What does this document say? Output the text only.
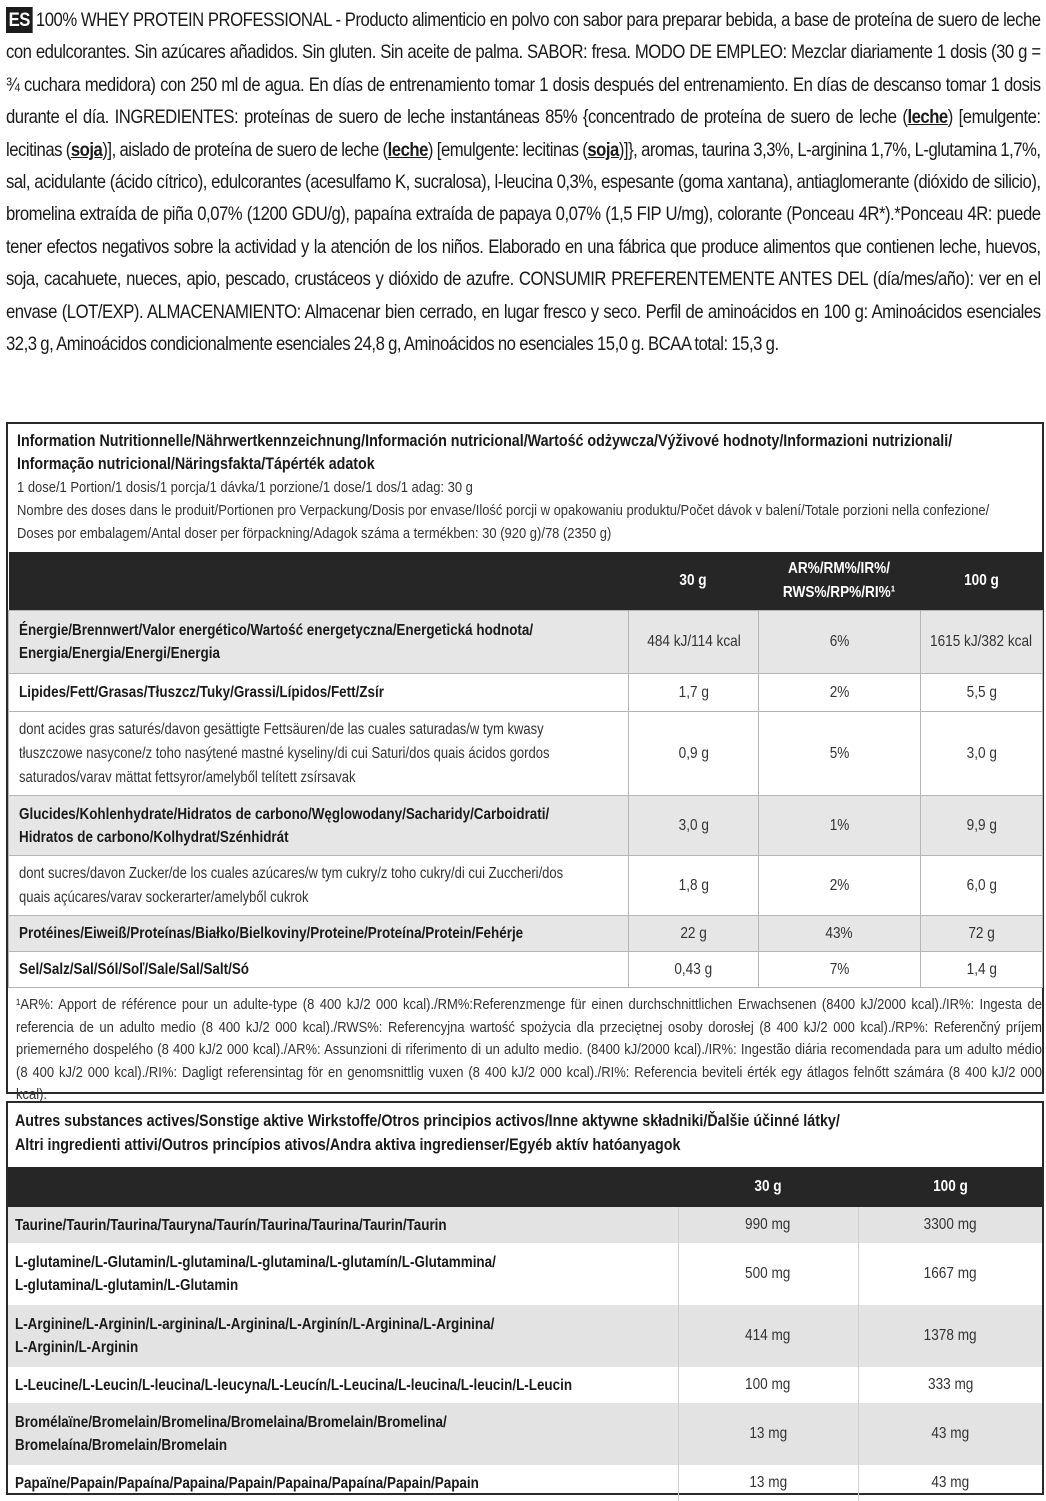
ES 100% WHEY PROTEIN PROFESSIONAL - Producto alimenticio en polvo con sabor para preparar bebida, a base de proteína de suero de leche con edulcorantes. Sin azúcares añadidos. Sin gluten. Sin aceite de palma. SABOR: fresa. MODO DE EMPLEO: Mezclar diariamente 1 dosis (30 g = ¾ cuchara medidora) con 250 ml de agua. En días de entrenamiento tomar 1 dosis después del entrenamiento. En días de descanso tomar 1 dosis durante el día. INGREDIENTES: proteínas de suero de leche instantáneas 85% {concentrado de proteína de suero de leche (leche) [emulgente: lecitinas (soja)], aislado de proteína de suero de leche (leche) [emulgente: lecitinas (soja)]}, aromas, taurina 3,3%, L-arginina 1,7%, L-glutamina 1,7%, sal, acidulante (ácido cítrico), edulcorantes (acesulfamo K, sucralosa), l-leucina 0,3%, espesante (goma xantana), antiaglomerante (dióxido de silicio), bromelina extraída de piña 0,07% (1200 GDU/g), papaína extraída de papaya 0,07% (1,5 FIP U/mg), colorante (Ponceau 4R*).*Ponceau 4R: puede tener efectos negativos sobre la actividad y la atención de los niños. Elaborado en una fábrica que produce alimentos que contienen leche, huevos, soja, cacahuete, nueces, apio, pescado, crustáceos y dióxido de azufre. CONSUMIR PREFERENTEMENTE ANTES DEL (día/mes/año): ver en el envase (LOT/EXP). ALMACENAMIENTO: Almacenar bien cerrado, en lugar fresco y seco. Perfil de aminoácidos en 100 g: Aminoácidos esenciales 32,3 g, Aminoácidos condicionalmente esenciales 24,8 g, Aminoácidos no esenciales 15,0 g. BCAA total: 15,3 g.
Information Nutritionnelle/Nährwertkennzeichnung/Información nutricional/Wartość odżywcza/Výživové hodnoty/Informazioni nutrizionali/
Informação nutricional/Näringsfakta/Tápérték adatok
1 dose/1 Portion/1 dosis/1 porcja/1 dávka/1 porzione/1 dose/1 dos/1 adag: 30 g
Nombre des doses dans le produit/Portionen pro Verpackung/Dosis por envase/Ilość porcji w opakowaniu produktu/Počet dávok v balení/Totale porzioni nella confezione/
Doses por embalagem/Antal doser per förpackning/Adagok száma a termékben: 30 (920 g)/78 (2350 g)
	30 g	AR%/RM%/IR%/
RWS%/RP%/RI%¹	100 g

Énergie/Brennwert/Valor energético/Wartość energetyczna/Energetická hodnota/
Energia/Energia/Energi/Energia	484 kJ/114 kcal	6%	1615 kJ/382 kcal

Lipides/Fett/Grasas/Tłuszcz/Tuky/Grassi/Lípidos/Fett/Zsír	1,7 g	2%	5,5 g

dont acides gras saturés/davon gesättigte Fettsäuren/de las cuales saturadas/w tym kwasy
tłuszczowe nasycone/z toho nasýtené mastné kyseliny/di cui Saturi/dos quais ácidos gordos
saturados/varav mättat fettsyror/amelyből telített zsírsavak	0,9 g	5%	3,0 g

Glucides/Kohlenhydrate/Hidratos de carbono/Węglowodany/Sacharidy/Carboidrati/
Hidratos de carbono/Kolhydrat/Szénhidrát	3,0 g	1%	9,9 g

dont sucres/davon Zucker/de los cuales azúcares/w tym cukry/z toho cukry/di cui Zuccheri/dos
quais açúcares/varav sockerarter/amelyből cukrok	1,8 g	2%	6,0 g

Protéines/Eiweiß/Proteínas/Białko/Bielkoviny/Proteine/Proteína/Protein/Fehérje	22 g	43%	72 g

Sel/Salz/Sal/Sól/Soľ/Sale/Sal/Salt/Só	0,43 g	7%	1,4 g
¹AR%: Apport de référence pour un adulte-type (8 400 kJ/2 000 kcal)./RM%:Referenzmenge für einen durchschnittlichen Erwachsenen (8400 kJ/2000 kcal)./IR%: Ingesta de referencia de un adulto medio (8 400 kJ/2 000 kcal)./RWS%: Referencyjna wartość spożycia dla przeciętnej osoby dorosłej (8 400 kJ/2 000 kcal)./RP%: Referenčný príjem priemerného dospelého (8 400 kJ/2 000 kcal)./AR%: Assunzioni di riferimento di un adulto medio. (8400 kJ/2000 kcal)./IR%: Ingestão diária recomendada para um adulto médio (8 400 kJ/2 000 kcal)./RI%: Dagligt referensintag för en genomsnittlig vuxen (8 400 kJ/2 000 kcal)./RI%: Referencia beviteli érték egy átlagos felnőtt számára (8 400 kJ/2 000 kcal).
Autres substances actives/Sonstige aktive Wirkstoffe/Otros principios activos/Inne aktywne składniki/Ďalšie účinné látky/
Altri ingredienti attivi/Outros princípios ativos/Andra aktiva ingredienser/Egyéb aktív hatóanyagok
	30 g	100 g

Taurine/Taurin/Taurina/Tauryna/Taurín/Taurina/Taurina/Taurin/Taurin	990 mg	3300 mg

L-glutamine/L-Glutamin/L-glutamina/L-glutamina/L-glutamín/L-Glutammina/
L-glutamina/L-glutamin/L-Glutamin	500 mg	1667 mg

L-Arginine/L-Arginin/L-arginina/L-Arginina/L-Arginín/L-Arginina/L-Arginina/
L-Arginin/L-Arginin	414 mg	1378 mg

L-Leucine/L-Leucin/L-leucina/L-leucyna/L-Leucín/L-Leucina/L-leucina/L-leucin/L-Leucin	100 mg	333 mg

Bromélaïne/Bromelain/Bromelina/Bromelaina/Bromelain/Bromelina/
Bromelaína/Bromelain/Bromelain	13 mg	43 mg

Papaïne/Papain/Papaína/Papaina/Papain/Papaina/Papaína/Papain/Papain	13 mg	43 mg
